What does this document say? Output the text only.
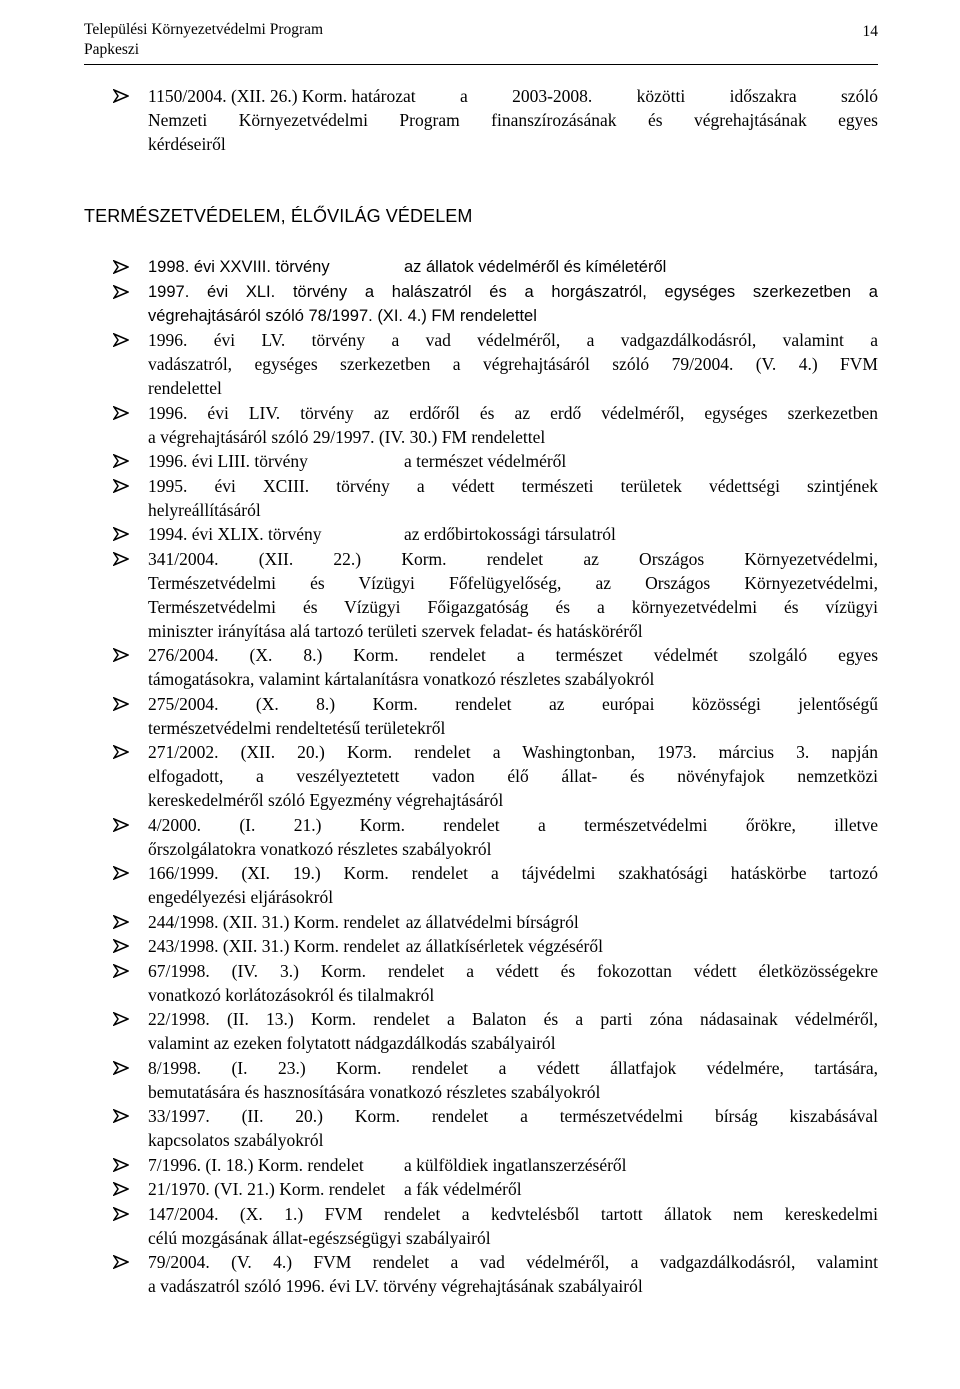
Települési Környezetvédelmi Program
Papkeszi
14
1150/2004. (XII. 26.) Korm. határozat	a	2003-2008.	közötti	időszakra	szóló
Nemzeti Környezetvédelmi Program finanszírozásának és végrehajtásának egyes
kérdéseiről
TERMÉSZETVÉDELEM, ÉLŐVILÁG VÉDELEM
1998. évi XXVIII. törvény	az állatok védelméről és kíméletéről
1997. évi XLI. törvény a halászatról és a horgászatról, egységes szerkezetben a
végrehajtásáról szóló 78/1997. (XI. 4.) FM rendelettel
1996. évi LV. törvény a vad védelméről, a vadgazdálkodásról, valamint a
vadászatról, egységes szerkezetben a végrehajtásáról szóló 79/2004. (V. 4.) FVM
rendelettel
1996. évi LIV. törvény az erdőről és az erdő védelméről, egységes szerkezetben
a végrehajtásáról szóló 29/1997. (IV. 30.) FM rendelettel
1996. évi LIII. törvény	a természet védelméről
1995. évi XCIII. törvény a védett természeti területek védettségi szintjének
helyreállításáról
1994. évi XLIX. törvény	az erdőbirtokossági társulatról
341/2004. (XII. 22.) Korm. rendelet az Országos Környezetvédelmi,
Természetvédelmi és Vízügyi Főfelügyelőség, az Országos Környezetvédelmi,
Természetvédelmi és Vízügyi Főigazgatóság és a környezetvédelmi és vízügyi
miniszter irányítása alá tartozó területi szervek feladat- és hatásköréről
276/2004. (X. 8.) Korm. rendelet a természet védelmét szolgáló egyes
támogatásokra, valamint kártalanításra vonatkozó részletes szabályokról
275/2004. (X. 8.) Korm. rendelet az európai közösségi jelentőségű
természetvédelmi rendeltetésű területekről
271/2002. (XII. 20.) Korm. rendelet a Washingtonban, 1973. március 3. napján
elfogadott, a veszélyeztetett vadon élő állat- és növényfajok nemzetközi
kereskedelméről szóló Egyezmény végrehajtásáról
4/2000. (I. 21.) Korm. rendelet a természetvédelmi őrökre, illetve
őrszolgálatokra vonatkozó részletes szabályokról
166/1999. (XI. 19.) Korm. rendelet a tájvédelmi szakhatósági hatáskörbe tartozó
engedélyezési eljárásokról
244/1998. (XII. 31.) Korm. rendelet az állatvédelmi bírságról
243/1998. (XII. 31.) Korm. rendelet az állatkísérletek végzéséről
67/1998. (IV. 3.) Korm. rendelet a védett és fokozottan védett életközösségekre
vonatkozó korlátozásokról és tilalmakról
22/1998. (II. 13.) Korm. rendelet a Balaton és a parti zóna nádasainak védelméről,
valamint az ezeken folytatott nádgazdálkodás szabályairól
8/1998. (I. 23.) Korm. rendelet a védett állatfajok védelmére, tartására,
bemutatására és hasznosítására vonatkozó részletes szabályokról
33/1997. (II. 20.) Korm. rendelet a természetvédelmi bírság kiszabásával
kapcsolatos szabályokról
7/1996. (I. 18.) Korm. rendelet	a külföldiek ingatlanszerzéséről
21/1970. (VI. 21.) Korm. rendelet	a fák védelméről
147/2004. (X. 1.) FVM rendelet a kedvtelésből tartott állatok nem kereskedelmi
célú mozgásának állat-egészségügyi szabályairól
79/2004. (V. 4.) FVM rendelet a vad védelméről, a vadgazdálkodásról, valamint
a vadászatról szóló 1996. évi LV. törvény végrehajtásának szabályairól
